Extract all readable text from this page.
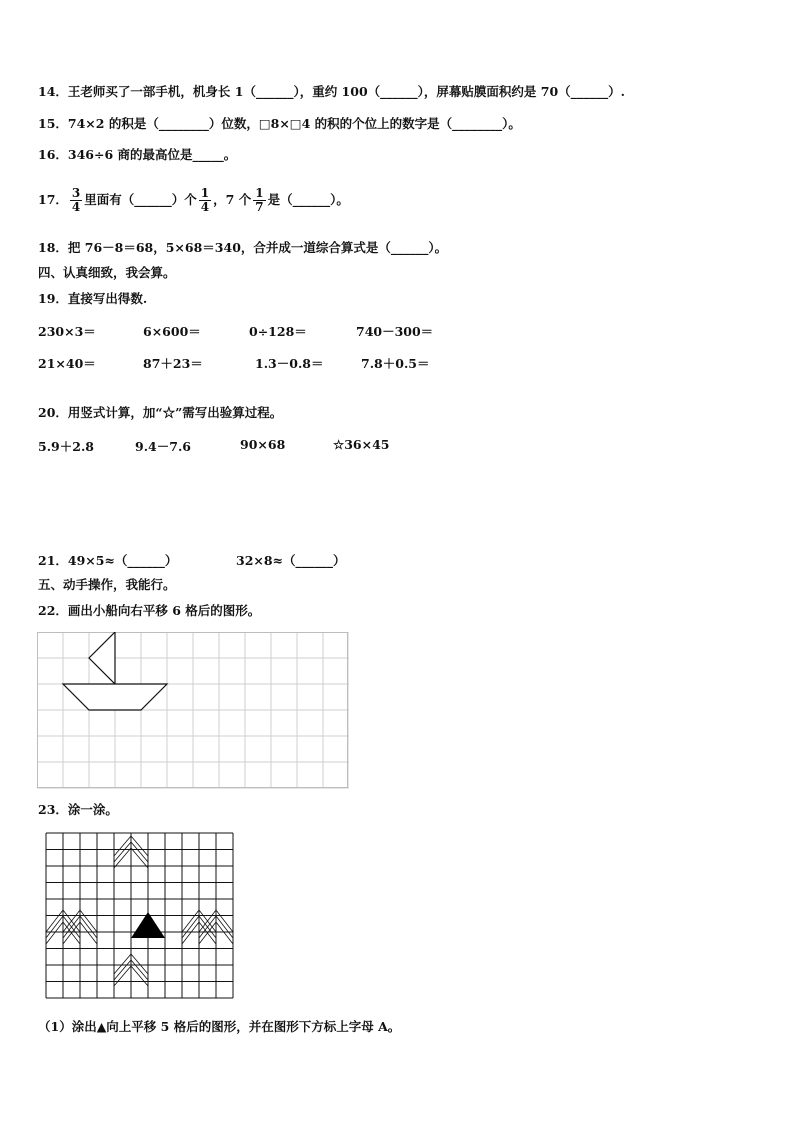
14．王老师买了一部手机，机身长 1（______），重约 100（______），屏幕贴膜面积约是 70（______）.
15．74×2 的积是（________）位数，□8×□4 的积的个位上的数字是（________）。
16．346÷6 商的最高位是_____。
17． $\frac{3}{4}$ 里面有（______）个 $\frac{1}{4}$ ，7 个 $\frac{1}{7}$ 是（______）。
18．把 76－8＝68，5×68＝340，合并成一道综合算式是（______）。
四、认真细致，我会算。
19．直接写出得数.
230×3＝	6×600＝	0÷128＝	740－300＝
21×40＝	87＋23＝	1.3－0.8＝	7.8＋0.5＝
20．用竖式计算，加“☆”需写出验算过程。
5.9＋2.8	9.4－7.6	90×68	☆36×45
21．49×5≈（______）	32×8≈（______）
五、动手操作，我能行。
22．画出小船向右平移 6 格后的图形。
23．涂一涂。
（1）涂出▲向上平移 5 格后的图形，并在图形下方标上字母 A。
